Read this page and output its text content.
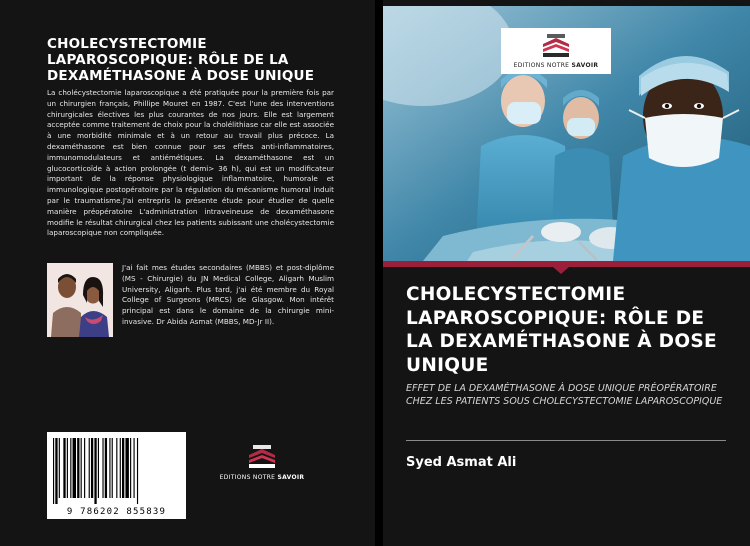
CHOLECYSTECTOMIE LAPAROSCOPIQUE: RÔLE DE LA DEXAMÉTHASONE À DOSE UNIQUE
La cholécystectomie laparoscopique a été pratiquée pour la première fois par un chirurgien français, Phillipe Mouret en 1987. C'est l'une des interventions chirurgicales électives les plus courantes de nos jours. Elle est largement acceptée comme traitement de choix pour la cholélithiase car elle est associée à une morbidité minimale et à un retour au travail plus précoce. La dexaméthasone est bien connue pour ses effets anti-inflammatoires, immunomodulateurs et antiémétiques. La dexaméthasone est un glucocorticoïde à action prolongée (t demi> 36 h), qui est un modificateur important de la réponse physiologique inflammatoire, humorale et immunologique postopératoire par la régulation du mécanisme humoral induit par le traumatisme.J'ai entrepris la présente étude pour étudier de quelle manière préopératoire L'administration intraveineuse de dexaméthasone modifie le résultat chirurgical chez les patients subissant une cholécystectomie laparoscopique non compliquée.
J'ai fait mes études secondaires (MBBS) et post-diplôme (MS - Chirurgie) du JN Medical College, Aligarh Muslim University, Aligarh. Plus tard, j'ai été membre du Royal College of Surgeons (MRCS) de Glasgow. Mon intérêt principal est dans le domaine de la chirurgie mini-invasive. Dr Abida Asmat (MBBS, MD-Jr II).
9 786202 855839
EDITIONS NOTRE SAVOIR
EDITIONS NOTRE SAVOIR
CHOLECYSTECTOMIE LAPAROSCOPIQUE: RÔLE DE LA DEXAMÉTHASONE À DOSE UNIQUE
EFFET DE LA DEXAMÉTHASONE À DOSE UNIQUE PRÉOPÉRATOIRE CHEZ LES PATIENTS SOUS CHOLECYSTECTOMIE LAPAROSCOPIQUE
Syed Asmat Ali
